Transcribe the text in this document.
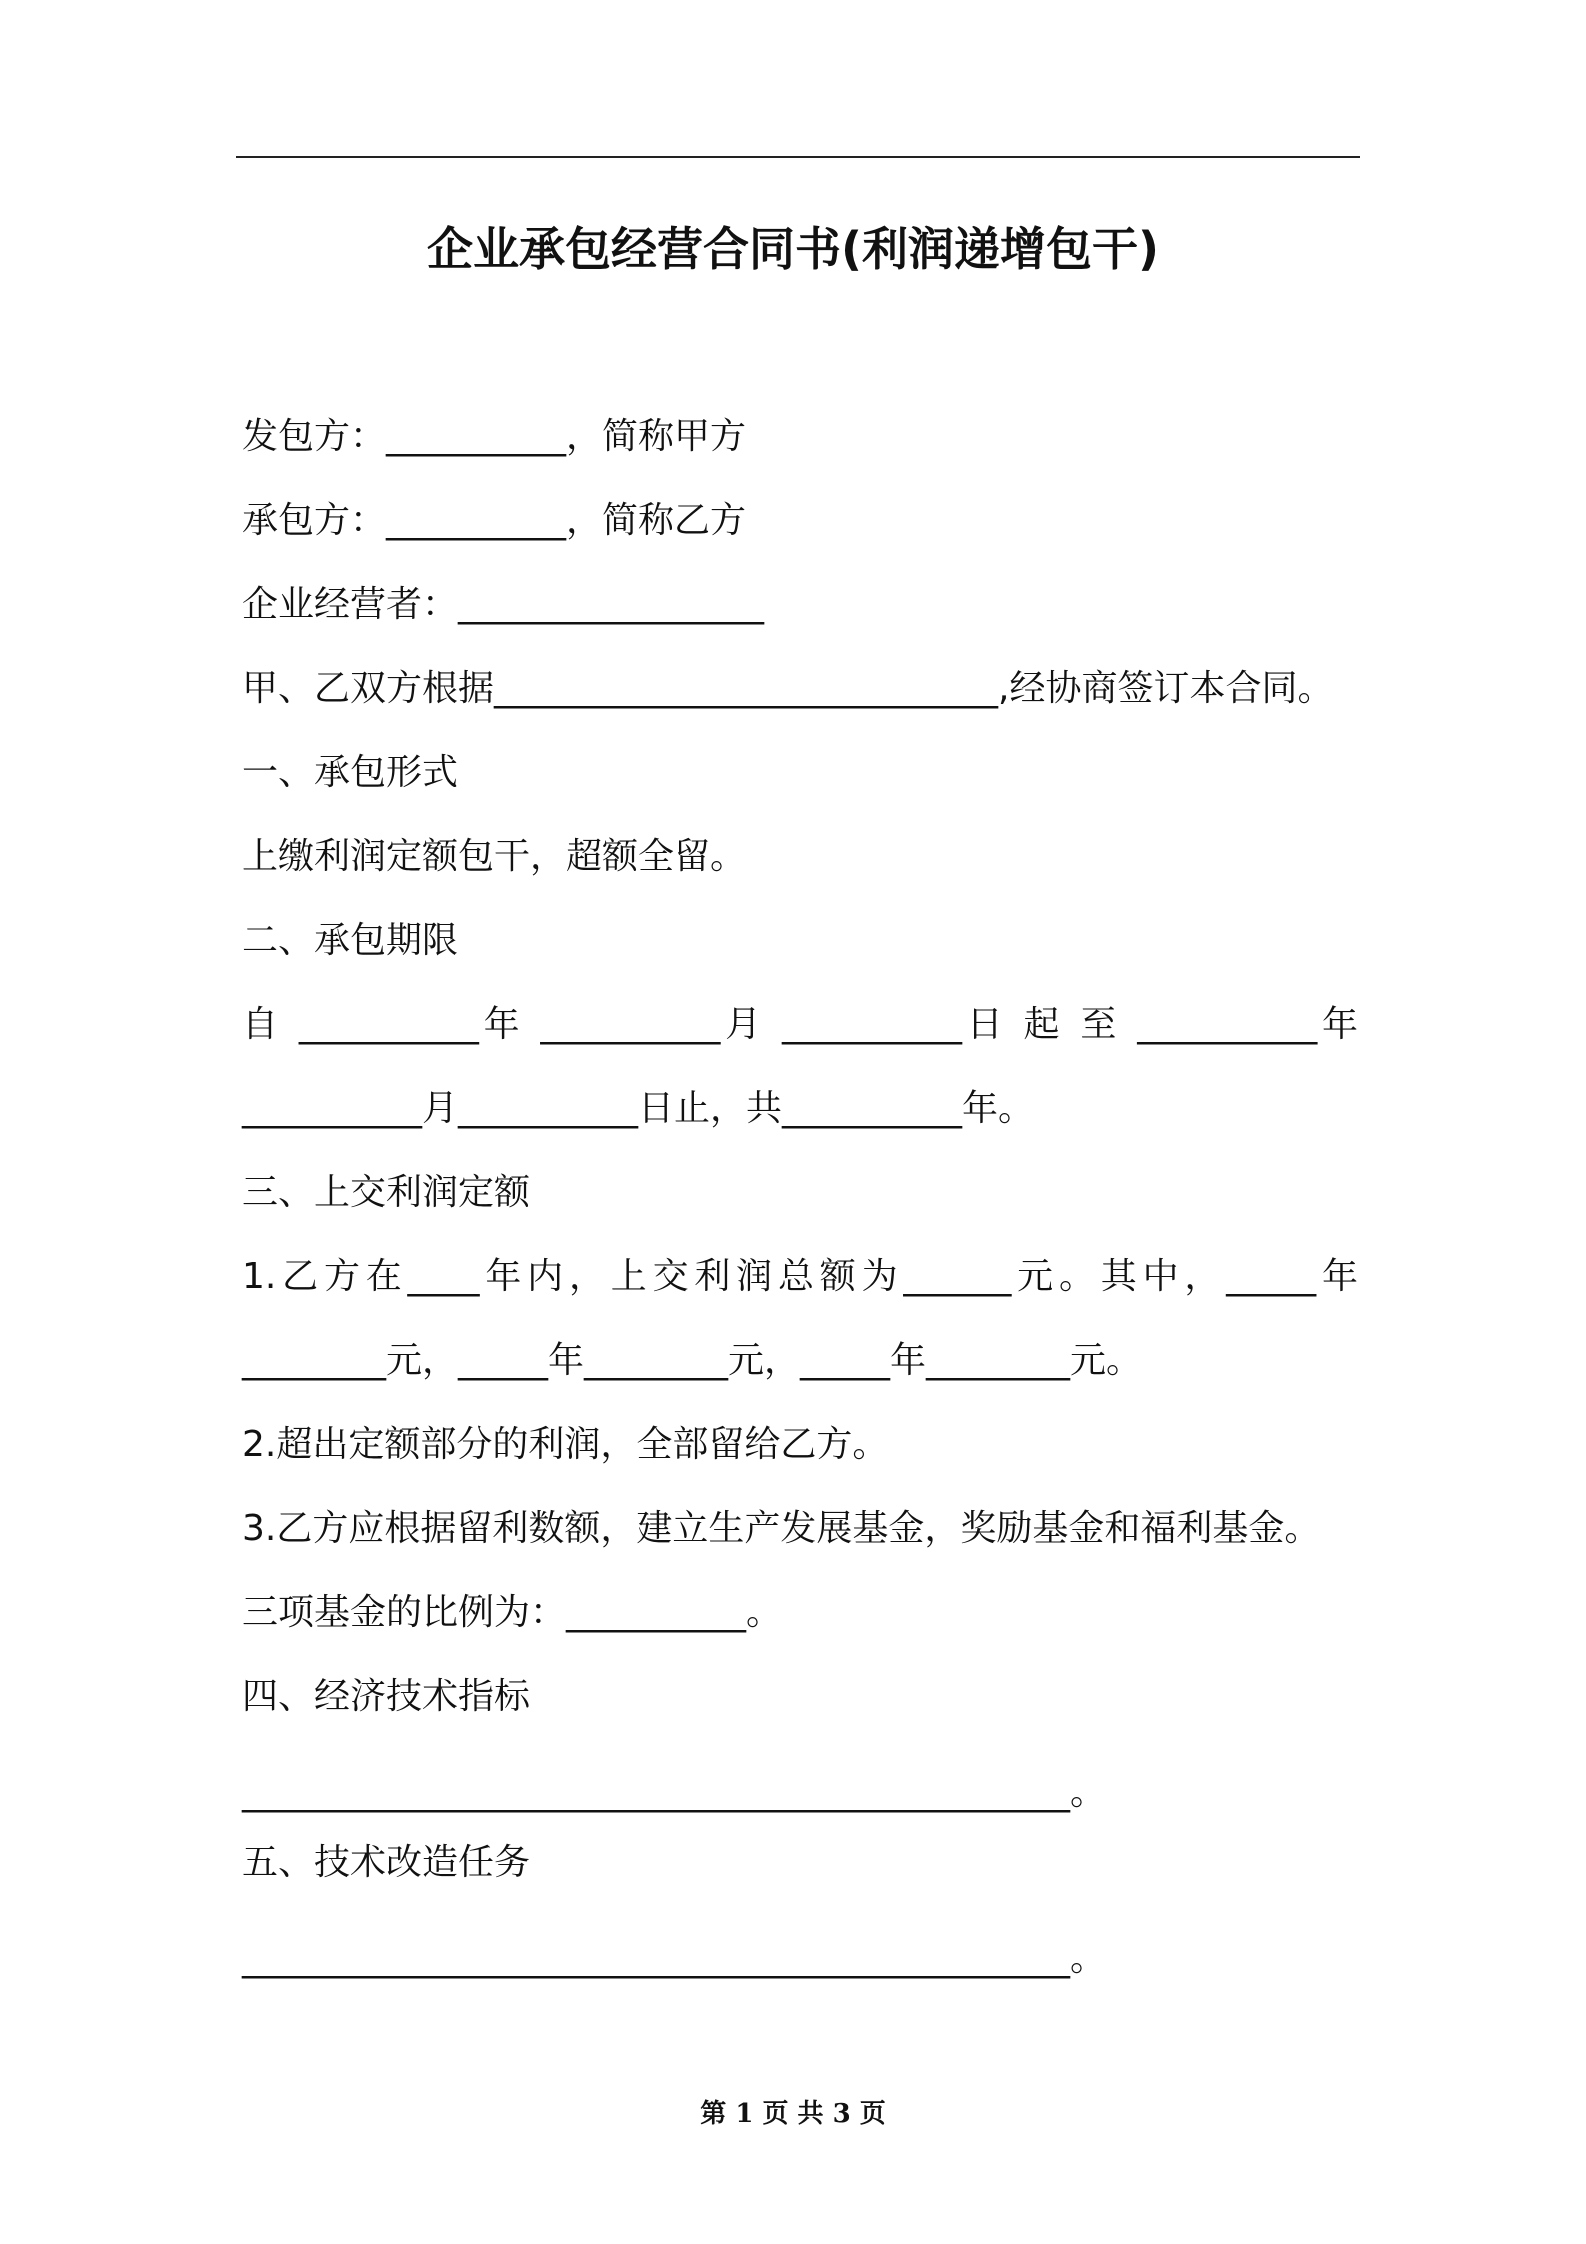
企业承包经营合同书(利润递增包干)
发包方：__________，简称甲方
承包方：__________，简称乙方
企业经营者：_________________
甲、乙双方根据____________________________,经协商签订本合同。
一、承包形式
上缴利润定额包干，超额全留。
二、承包期限
自 __________年 __________月 __________日 起 至 __________年
__________月__________日止，共__________年。
三、上交利润定额
1.乙方在____年内，上交利润总额为______元。其中，_____年
________元，_____年________元，_____年________元。
2.超出定额部分的利润，全部留给乙方。
3.乙方应根据留利数额，建立生产发展基金，奖励基金和福利基金。
三项基金的比例为：__________。
四、经济技术指标
______________________________________________。
五、技术改造任务
______________________________________________。
第 1 页 共 3 页
